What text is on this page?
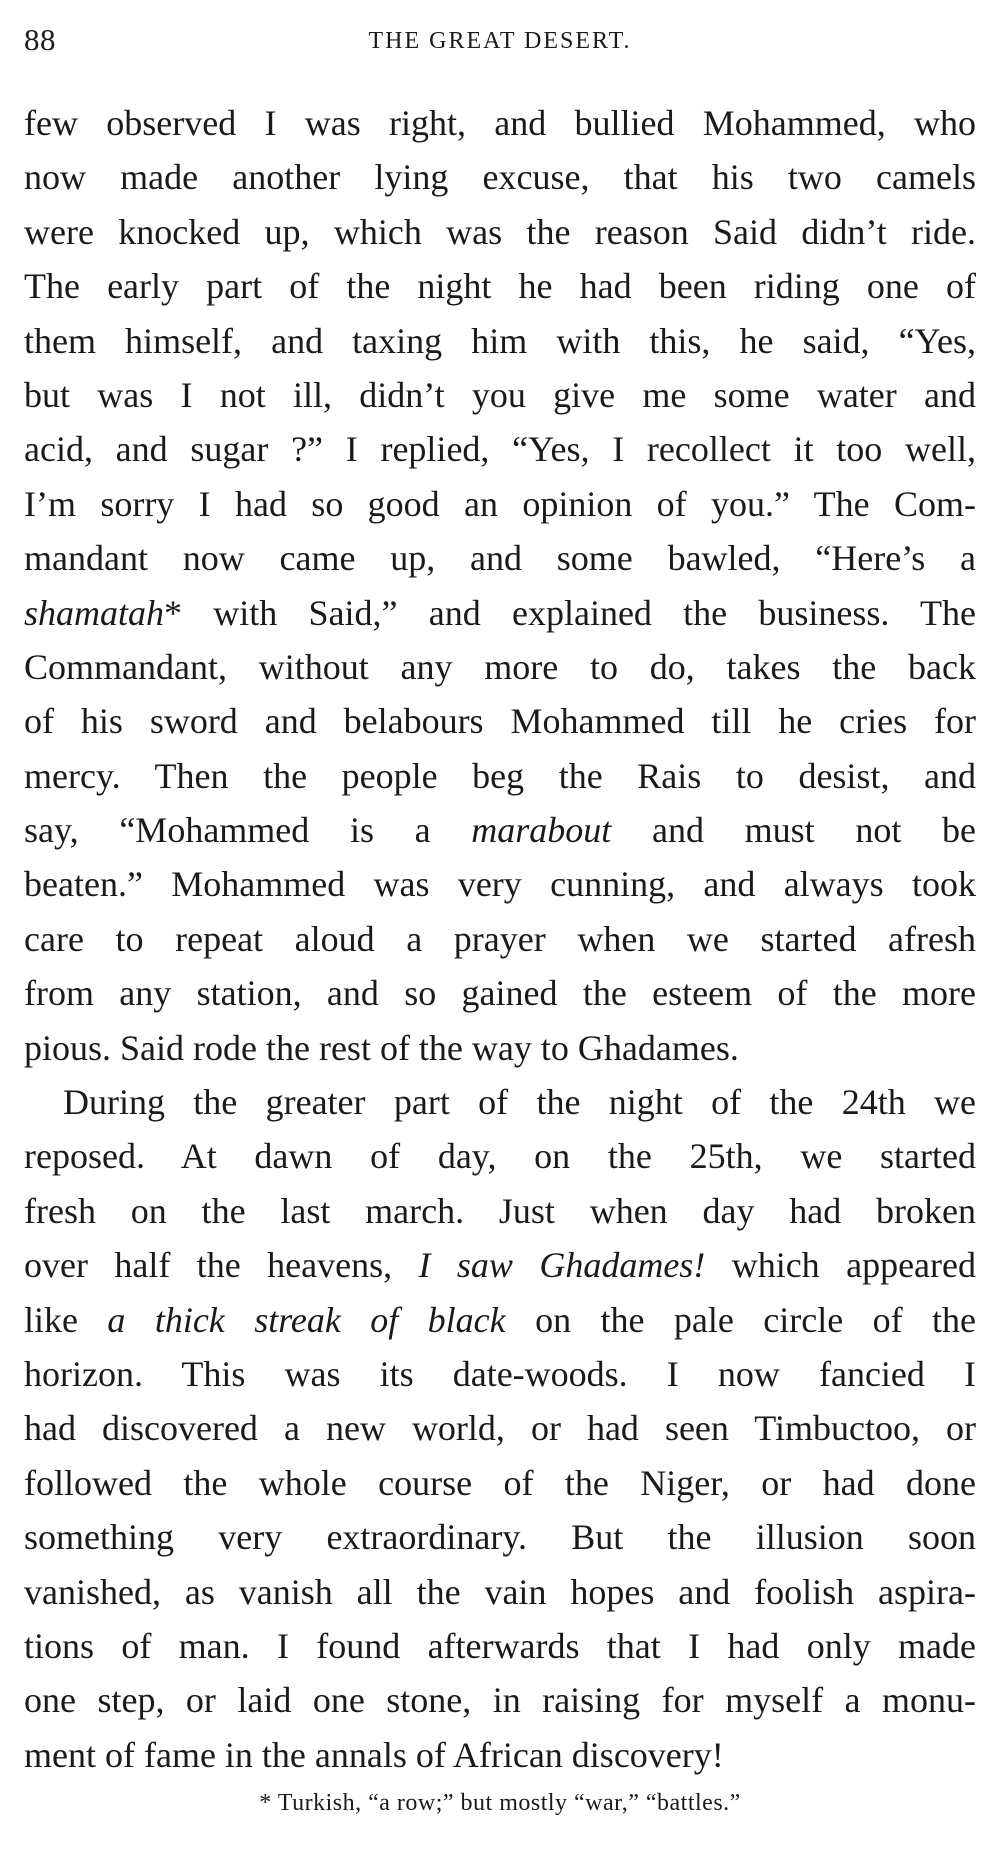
88	THE GREAT DESERT.
few observed I was right, and bullied Mohammed, who
now made another lying excuse, that his two camels
were knocked up, which was the reason Said didn’t ride.
The early part of the night he had been riding one of
them himself, and taxing him with this, he said, “Yes,
but was I not ill, didn’t you give me some water and
acid, and sugar ?” I replied, “Yes, I recollect it too well,
I’m sorry I had so good an opinion of you.” The Com-
mandant now came up, and some bawled, “Here’s a
shamatah* with Said,” and explained the business. The
Commandant, without any more to do, takes the back
of his sword and belabours Mohammed till he cries for
mercy. Then the people beg the Rais to desist, and
say, “Mohammed is a marabout and must not be
beaten.” Mohammed was very cunning, and always took
care to repeat aloud a prayer when we started afresh
from any station, and so gained the esteem of the more
pious. Said rode the rest of the way to Ghadames.
During the greater part of the night of the 24th we
reposed. At dawn of day, on the 25th, we started
fresh on the last march. Just when day had broken
over half the heavens, I saw Ghadames! which appeared
like a thick streak of black on the pale circle of the
horizon. This was its date-woods. I now fancied I
had discovered a new world, or had seen Timbuctoo, or
followed the whole course of the Niger, or had done
something very extraordinary. But the illusion soon
vanished, as vanish all the vain hopes and foolish aspira-
tions of man. I found afterwards that I had only made
one step, or laid one stone, in raising for myself a monu-
ment of fame in the annals of African discovery!
* Turkish, “a row;” but mostly “war,” “battles.”
